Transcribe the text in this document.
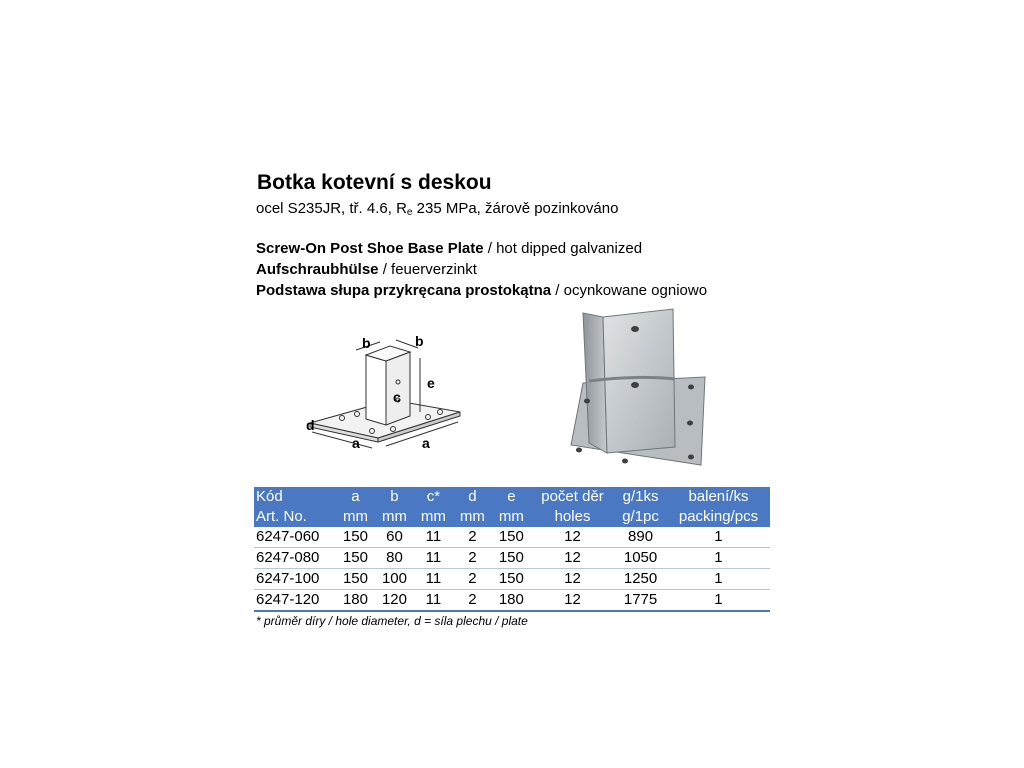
Botka kotevní s deskou
ocel S235JR, tř. 4.6, Re 235 MPa, žárově pozinkováno
Screw-On Post Shoe Base Plate / hot dipped galvanized
Aufschraubhülse / feuerverzinkt
Podstawa słupa przykręcana prostokątna / ocynkowane ogniowo
b	b
e
c
d
a	a
Kód	a	b	c*	d	e	počet děr	g/1ks	balení/ks
Art. No.	mm	mm	mm	mm	mm	holes	g/1pc	packing/pcs
6247-060	150	60	11	2	150	12	890	1
6247-080	150	80	11	2	150	12	1050	1
6247-100	150	100	11	2	150	12	1250	1
6247-120	180	120	11	2	180	12	1775	1
* průměr díry / hole diameter, d = síla plechu / plate
